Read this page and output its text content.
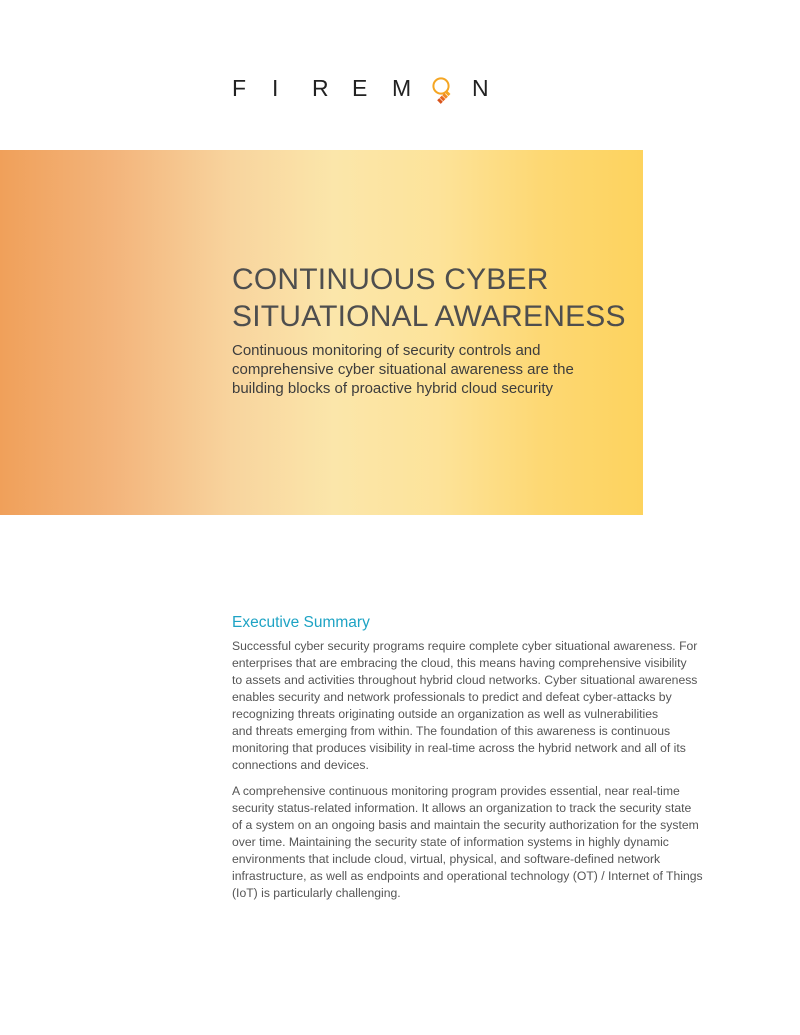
F	I	R	E	M	N
CONTINUOUS CYBER
SITUATIONAL AWARENESS

Continuous monitoring of security controls and comprehensive cyber situational awareness are the building blocks of proactive hybrid cloud security

Executive Summary

Successful cyber security programs require complete cyber situational awareness. For
enterprises that are embracing the cloud, this means having comprehensive visibility
to assets and activities throughout hybrid cloud networks. Cyber situational awareness
enables security and network professionals to predict and defeat cyber-attacks by
recognizing threats originating outside an organization as well as vulnerabilities
and threats emerging from within. The foundation of this awareness is continuous
monitoring that produces visibility in real-time across the hybrid network and all of its
connections and devices.

A comprehensive continuous monitoring program provides essential, near real-time
security status-related information. It allows an organization to track the security state
of a system on an ongoing basis and maintain the security authorization for the system
over time. Maintaining the security state of information systems in highly dynamic
environments that include cloud, virtual, physical, and software-defined network
infrastructure, as well as endpoints and operational technology (OT) / Internet of Things
(IoT) is particularly challenging.
